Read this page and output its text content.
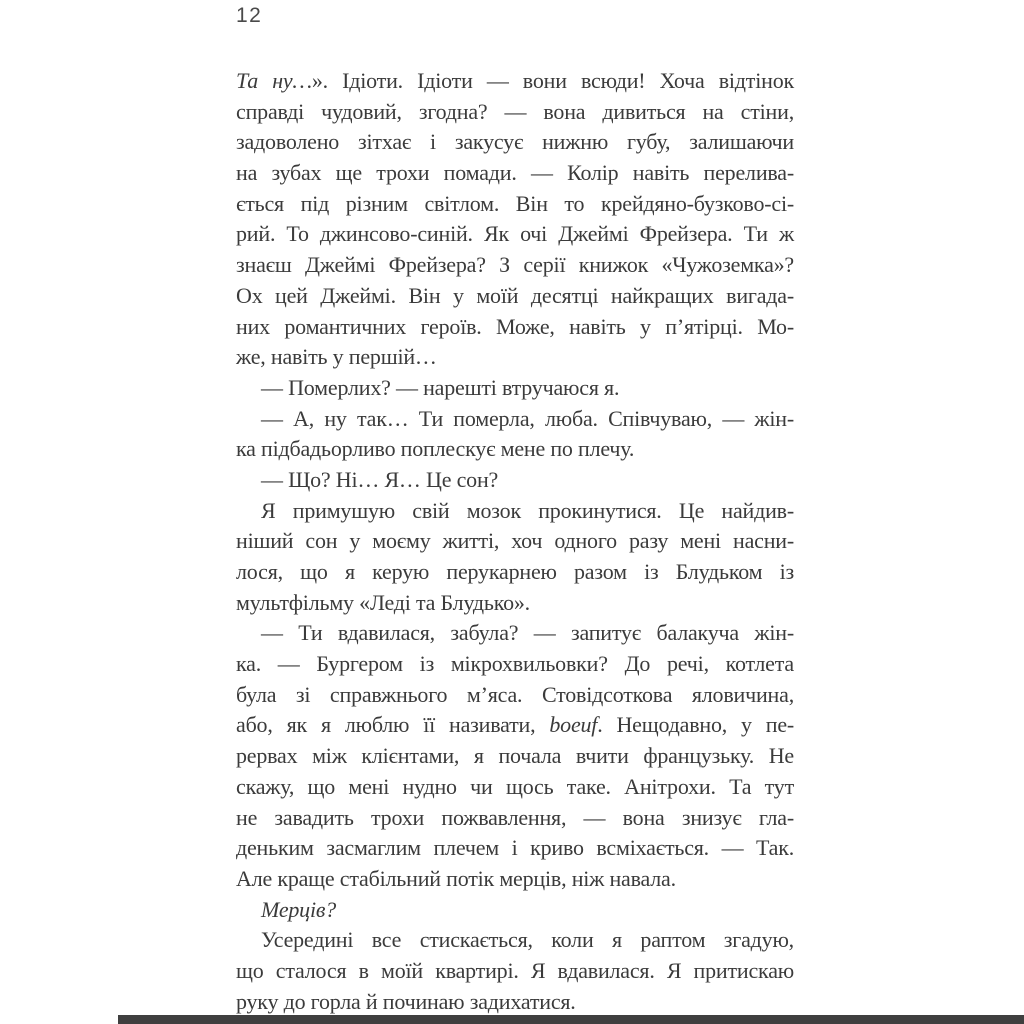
12
Та ну…». Ідіоти. Ідіоти — вони всюди! Хоча відтінок
справді чудовий, згодна? — вона дивиться на стіни,
задоволено зітхає і закусує нижню губу, залишаючи
на зубах ще трохи помади. — Колір навіть перелива-
ється під різним світлом. Він то крейдяно-бузково-сі-
рий. То джинсово-синій. Як очі Джеймі Фрейзера. Ти ж
знаєш Джеймі Фрейзера? З серії книжок «Чужоземка»?
Ох цей Джеймі. Він у моїй десятці найкращих вигада-
них романтичних героїв. Може, навіть у п’ятірці. Мо-
же, навіть у першій…
— Померлих? — нарешті втручаюся я.
— А, ну так… Ти померла, люба. Співчуваю, — жін-
ка підбадьорливо поплескує мене по плечу.
— Що? Ні… Я… Це сон?
Я примушую свій мозок прокинутися. Це найдив-
ніший сон у моєму житті, хоч одного разу мені насни-
лося, що я керую перукарнею разом із Блудьком із
мультфільму «Леді та Блудько».
— Ти вдавилася, забула? — запитує балакуча жін-
ка. — Бургером із мікрохвильовки? До речі, котлета
була зі справжнього м’яса. Стовідсоткова яловичина,
або, як я люблю її називати, boeuf. Нещодавно, у пе-
рервах між клієнтами, я почала вчити французьку. Не
скажу, що мені нудно чи щось таке. Анітрохи. Та тут
не завадить трохи пожвавлення, — вона знизує гла-
деньким засмаглим плечем і криво всміхається. — Так.
Але краще стабільний потік мерців, ніж навала.
Мерців?
Усередині все стискається, коли я раптом згадую,
що сталося в моїй квартирі. Я вдавилася. Я притискаю
руку до горла й починаю задихатися.
